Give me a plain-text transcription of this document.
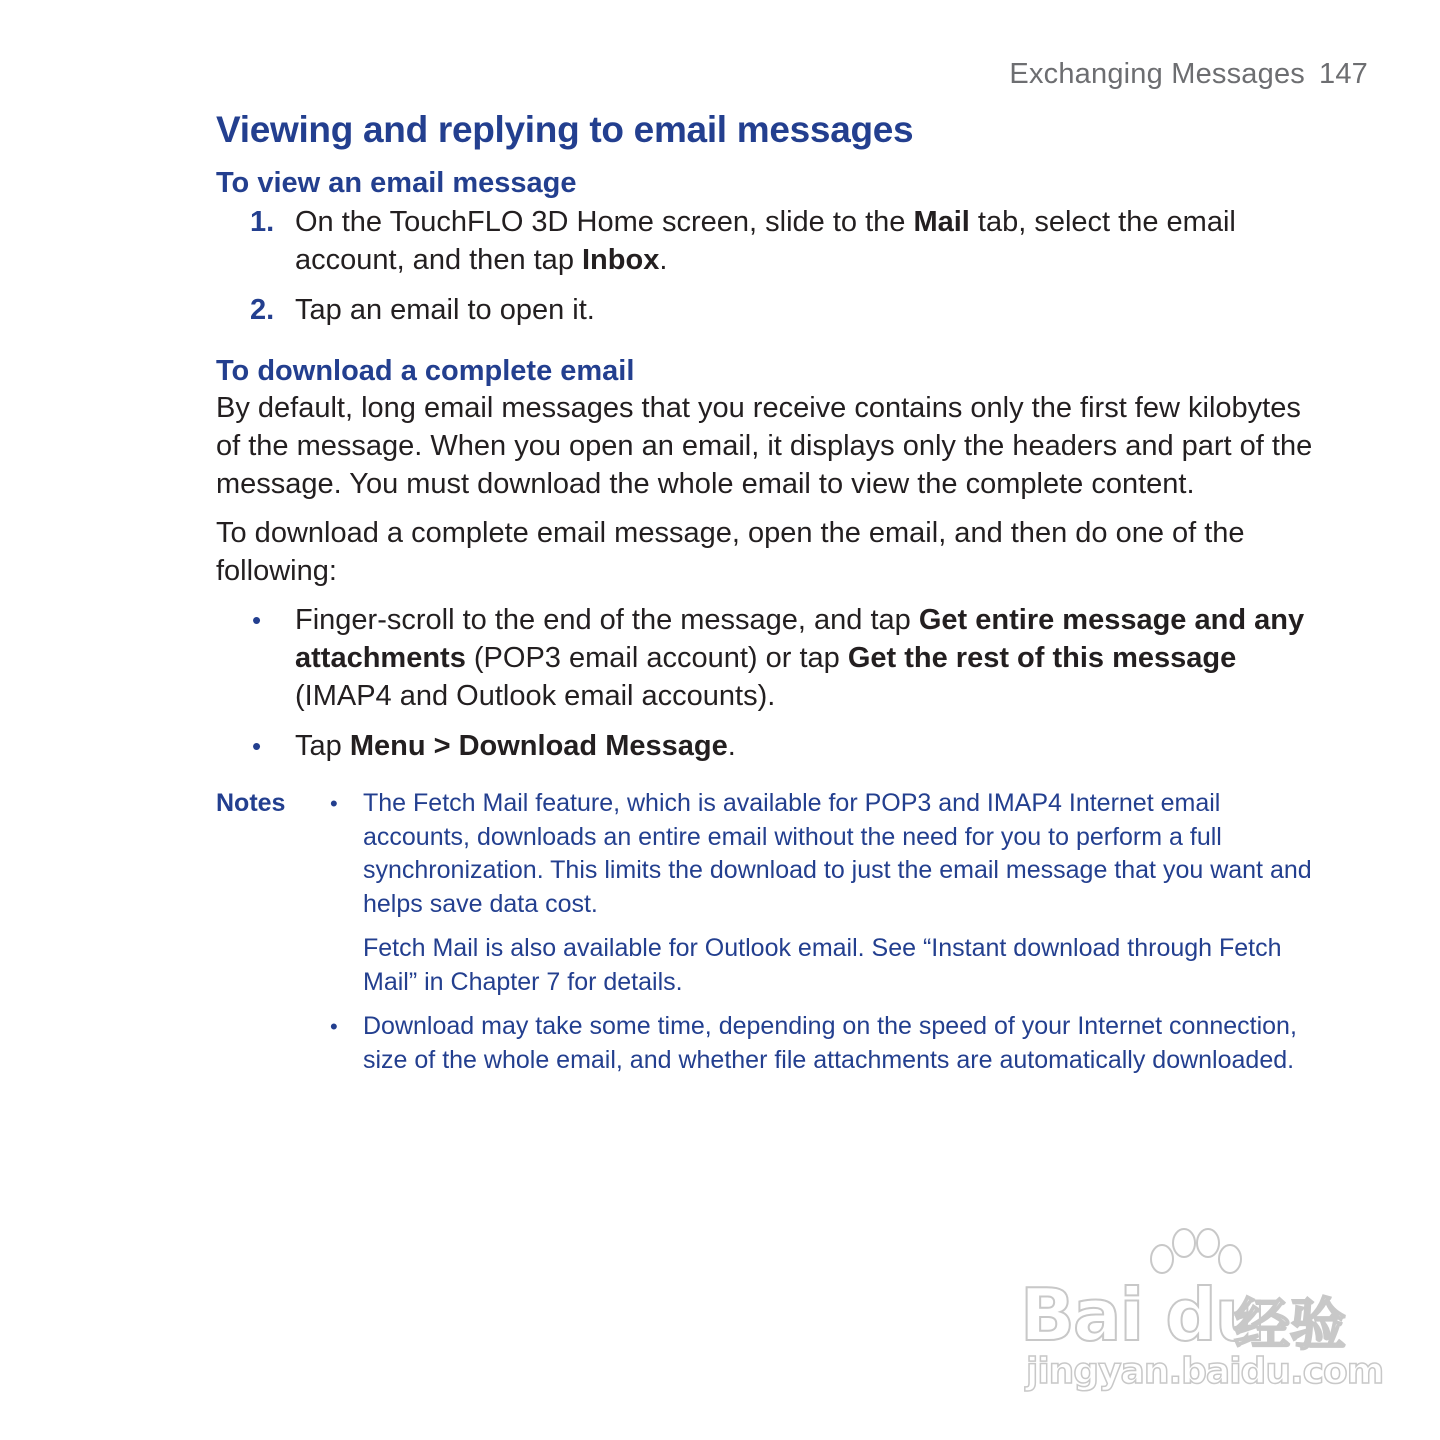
Exchanging Messages 147
Viewing and replying to email messages
To view an email message
1. On the TouchFLO 3D Home screen, slide to the Mail tab, select the email account, and then tap Inbox.
2. Tap an email to open it.
To download a complete email

By default, long email messages that you receive contains only the first few kilobytes of the message. When you open an email, it displays only the headers and part of the message. You must download the whole email to view the complete content.

To download a complete email message, open the email, and then do one of the following:

• Finger-scroll to the end of the message, and tap Get entire message and any attachments (POP3 email account) or tap Get the rest of this message (IMAP4 and Outlook email accounts).
• Tap Menu > Download Message.
Notes • The Fetch Mail feature, which is available for POP3 and IMAP4 Internet email accounts, downloads an entire email without the need for you to perform a full synchronization. This limits the download to just the email message that you want and helps save data cost.

Fetch Mail is also available for Outlook email. See “Instant download through Fetch Mail” in Chapter 7 for details.

• Download may take some time, depending on the speed of your Internet connection, size of the whole email, and whether file attachments are automatically downloaded.

Bai du
经验
jingyan.baidu.com
